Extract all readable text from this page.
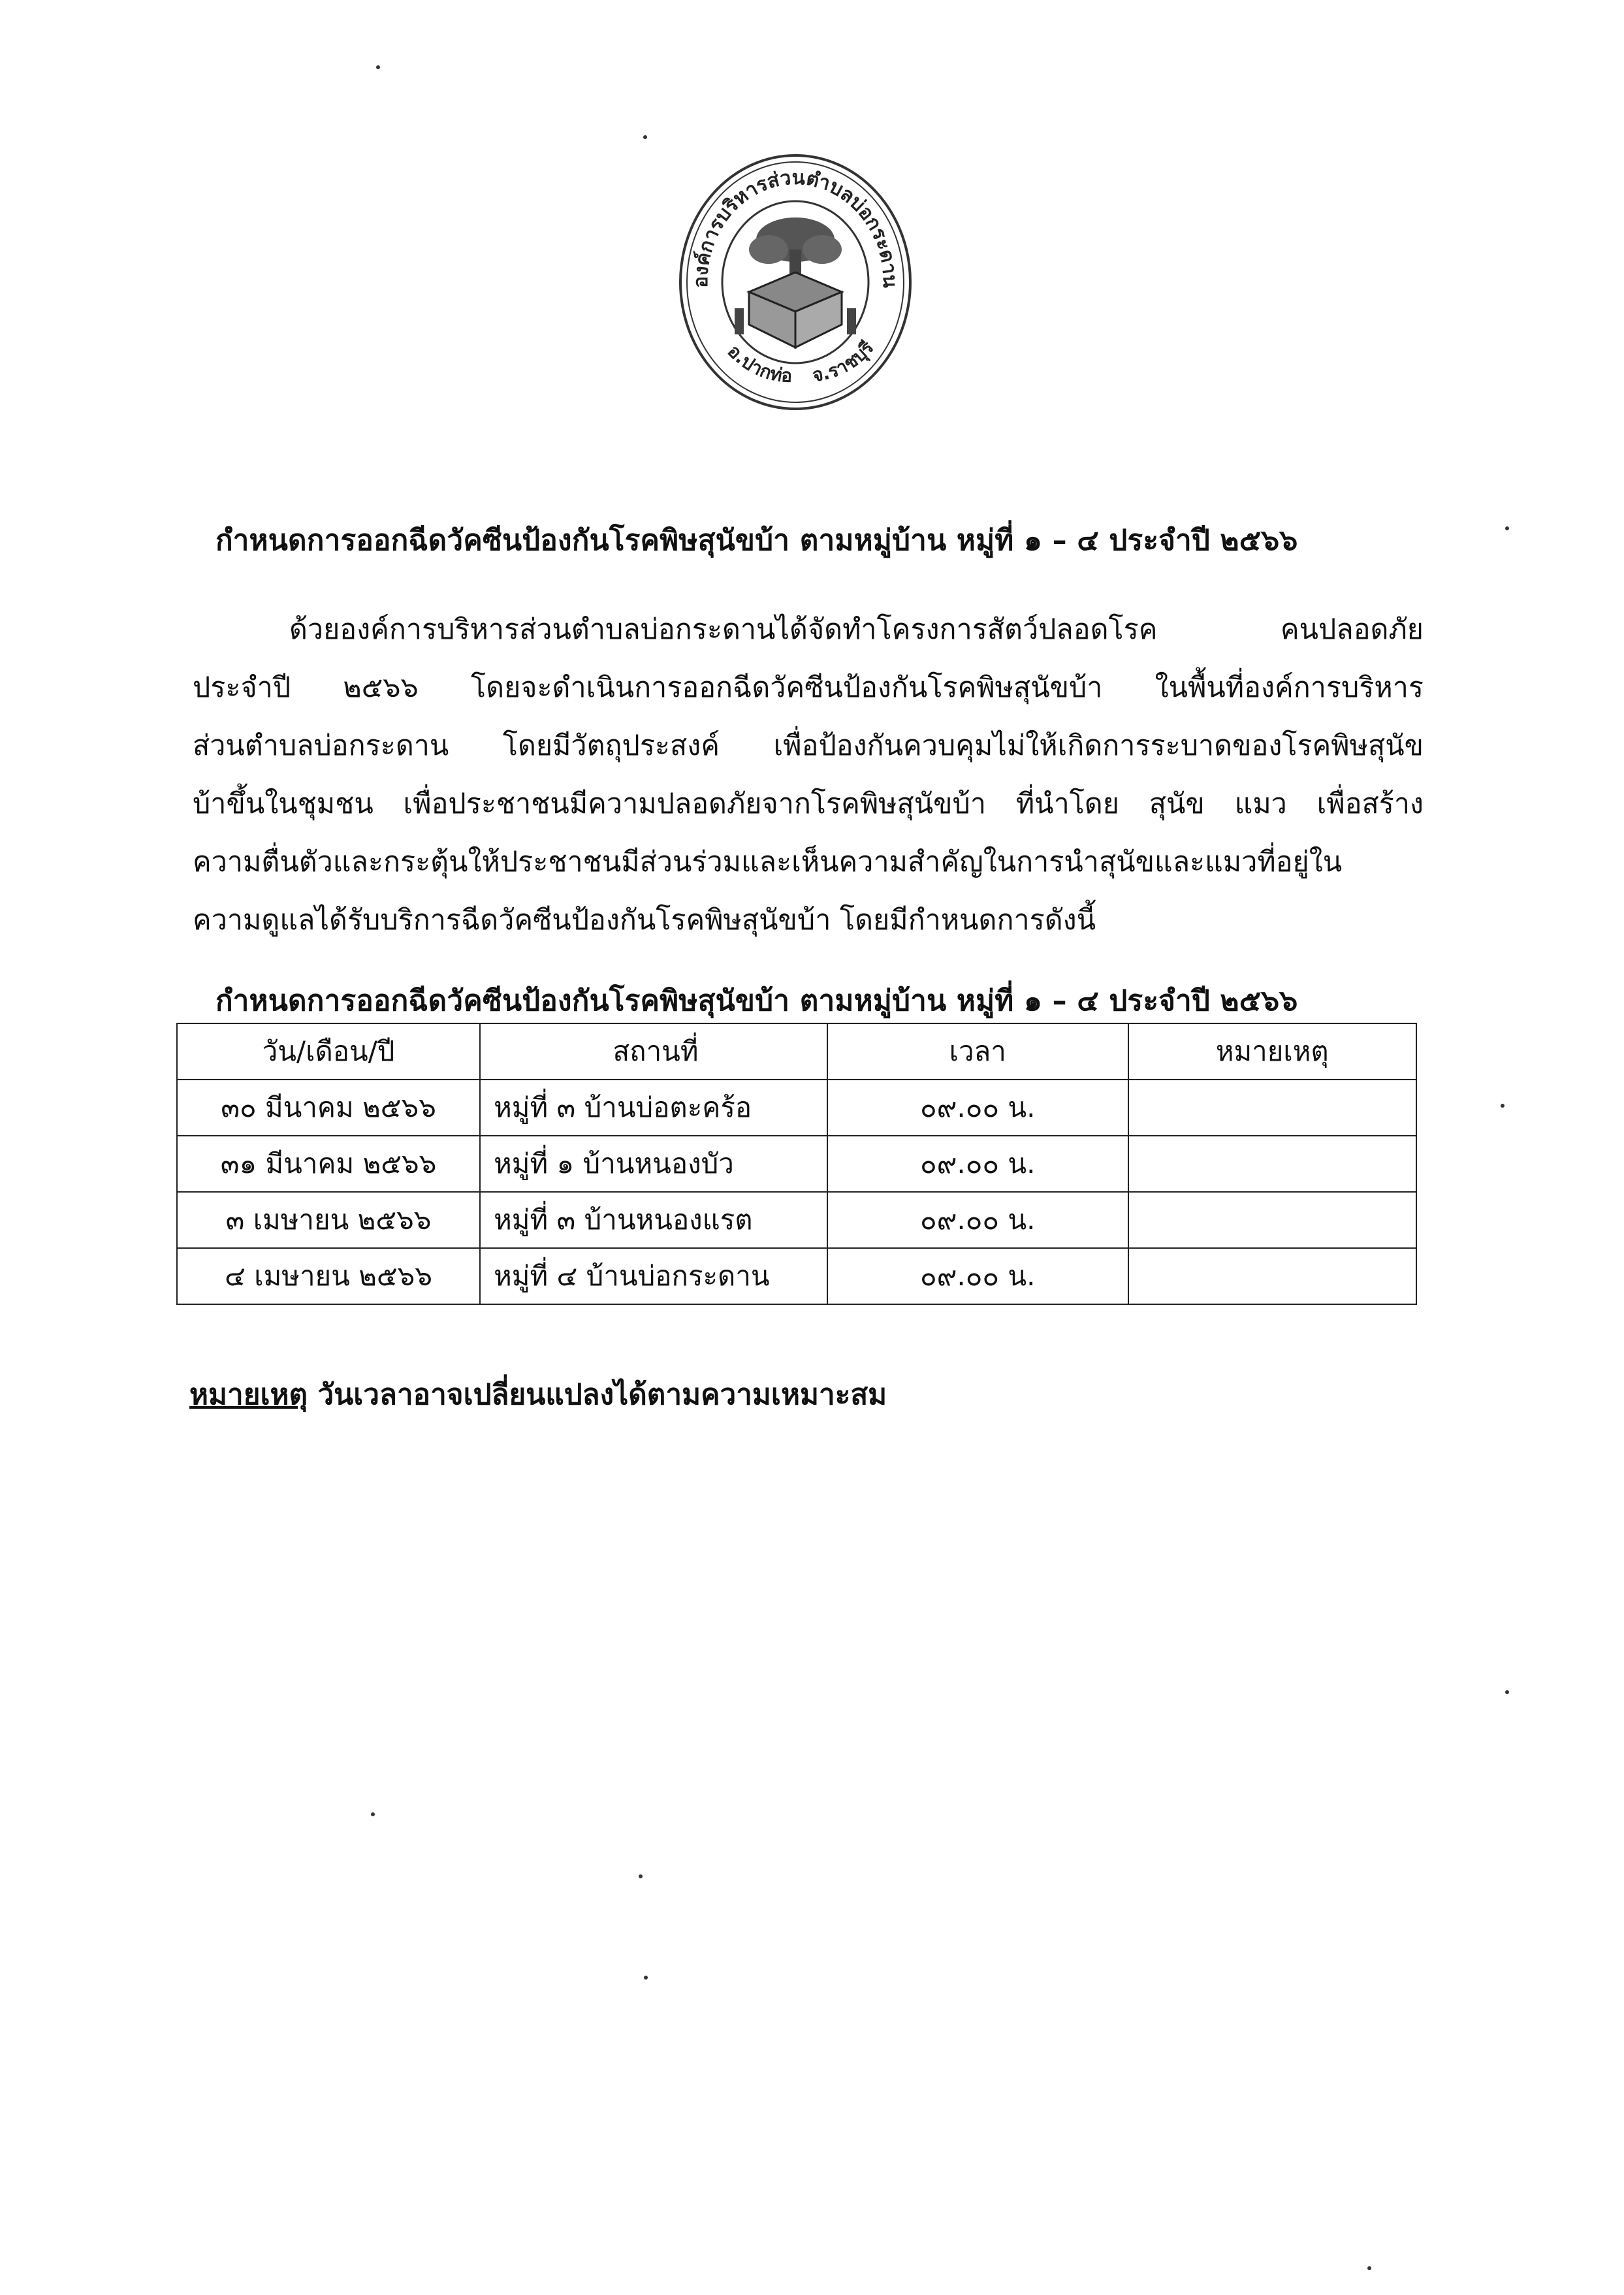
องค์การบริหารส่วนตำบลบ่อกระดาน
อ.ปากท่อ จ.ราชบุรี
กำหนดการออกฉีดวัคซีนป้องกันโรคพิษสุนัขบ้า ตามหมู่บ้าน หมู่ที่ ๑ – ๔ ประจำปี ๒๕๖๖
ด้วยองค์การบริหารส่วนตำบลบ่อกระดานได้จัดทำโครงการสัตว์ปลอดโรค คนปลอดภัย
ประจำปี ๒๕๖๖ โดยจะดำเนินการออกฉีดวัคซีนป้องกันโรคพิษสุนัขบ้า ในพื้นที่องค์การบริหาร
ส่วนตำบลบ่อกระดาน โดยมีวัตถุประสงค์ เพื่อป้องกันควบคุมไม่ให้เกิดการระบาดของโรคพิษสุนัข
บ้าขึ้นในชุมชน เพื่อประชาชนมีความปลอดภัยจากโรคพิษสุนัขบ้า ที่นำโดย สุนัข แมว เพื่อสร้าง
ความตื่นตัวและกระตุ้นให้ประชาชนมีส่วนร่วมและเห็นความสำคัญในการนำสุนัขและแมวที่อยู่ใน
ความดูแลได้รับบริการฉีดวัคซีนป้องกันโรคพิษสุนัขบ้า โดยมีกำหนดการดังนี้
กำหนดการออกฉีดวัคซีนป้องกันโรคพิษสุนัขบ้า ตามหมู่บ้าน หมู่ที่ ๑ – ๔ ประจำปี ๒๕๖๖
วัน/เดือน/ปี	สถานที่	เวลา	หมายเหตุ
๓๐ มีนาคม ๒๕๖๖	หมู่ที่ ๓ บ้านบ่อตะคร้อ	๐๙.๐๐ น.	
๓๑ มีนาคม ๒๕๖๖	หมู่ที่ ๑ บ้านหนองบัว	๐๙.๐๐ น.	
๓ เมษายน ๒๕๖๖	หมู่ที่ ๓ บ้านหนองแรต	๐๙.๐๐ น.	
๔ เมษายน ๒๕๖๖	หมู่ที่ ๔ บ้านบ่อกระดาน	๐๙.๐๐ น.	
หมายเหตุ วันเวลาอาจเปลี่ยนแปลงได้ตามความเหมาะสม
